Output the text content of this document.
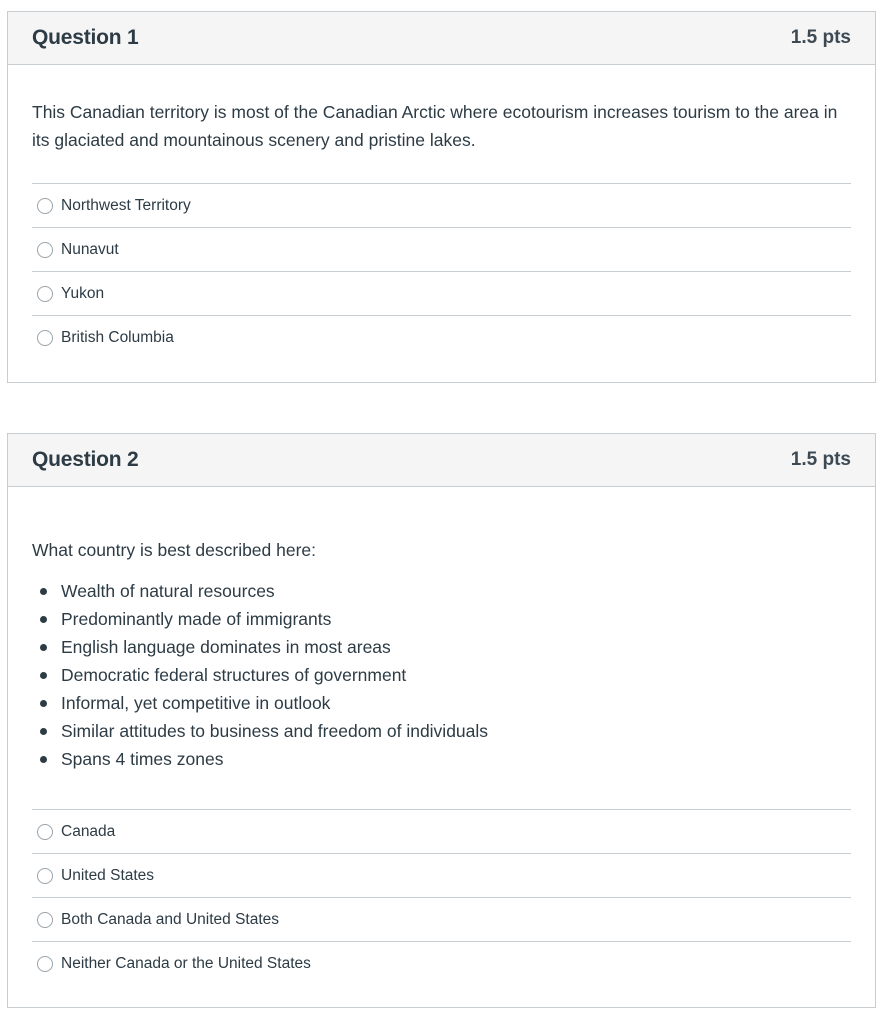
Question 1	1.5 pts

This Canadian territory is most of the Canadian Arctic where ecotourism increases tourism to the area in its glaciated and mountainous scenery and pristine lakes.

Northwest Territory
Nunavut
Yukon
British Columbia
Question 2	1.5 pts

What country is best described here:

Wealth of natural resources
Predominantly made of immigrants
English language dominates in most areas
Democratic federal structures of government
Informal, yet competitive in outlook
Similar attitudes to business and freedom of individuals
Spans 4 times zones
Canada
United States
Both Canada and United States
Neither Canada or the United States
